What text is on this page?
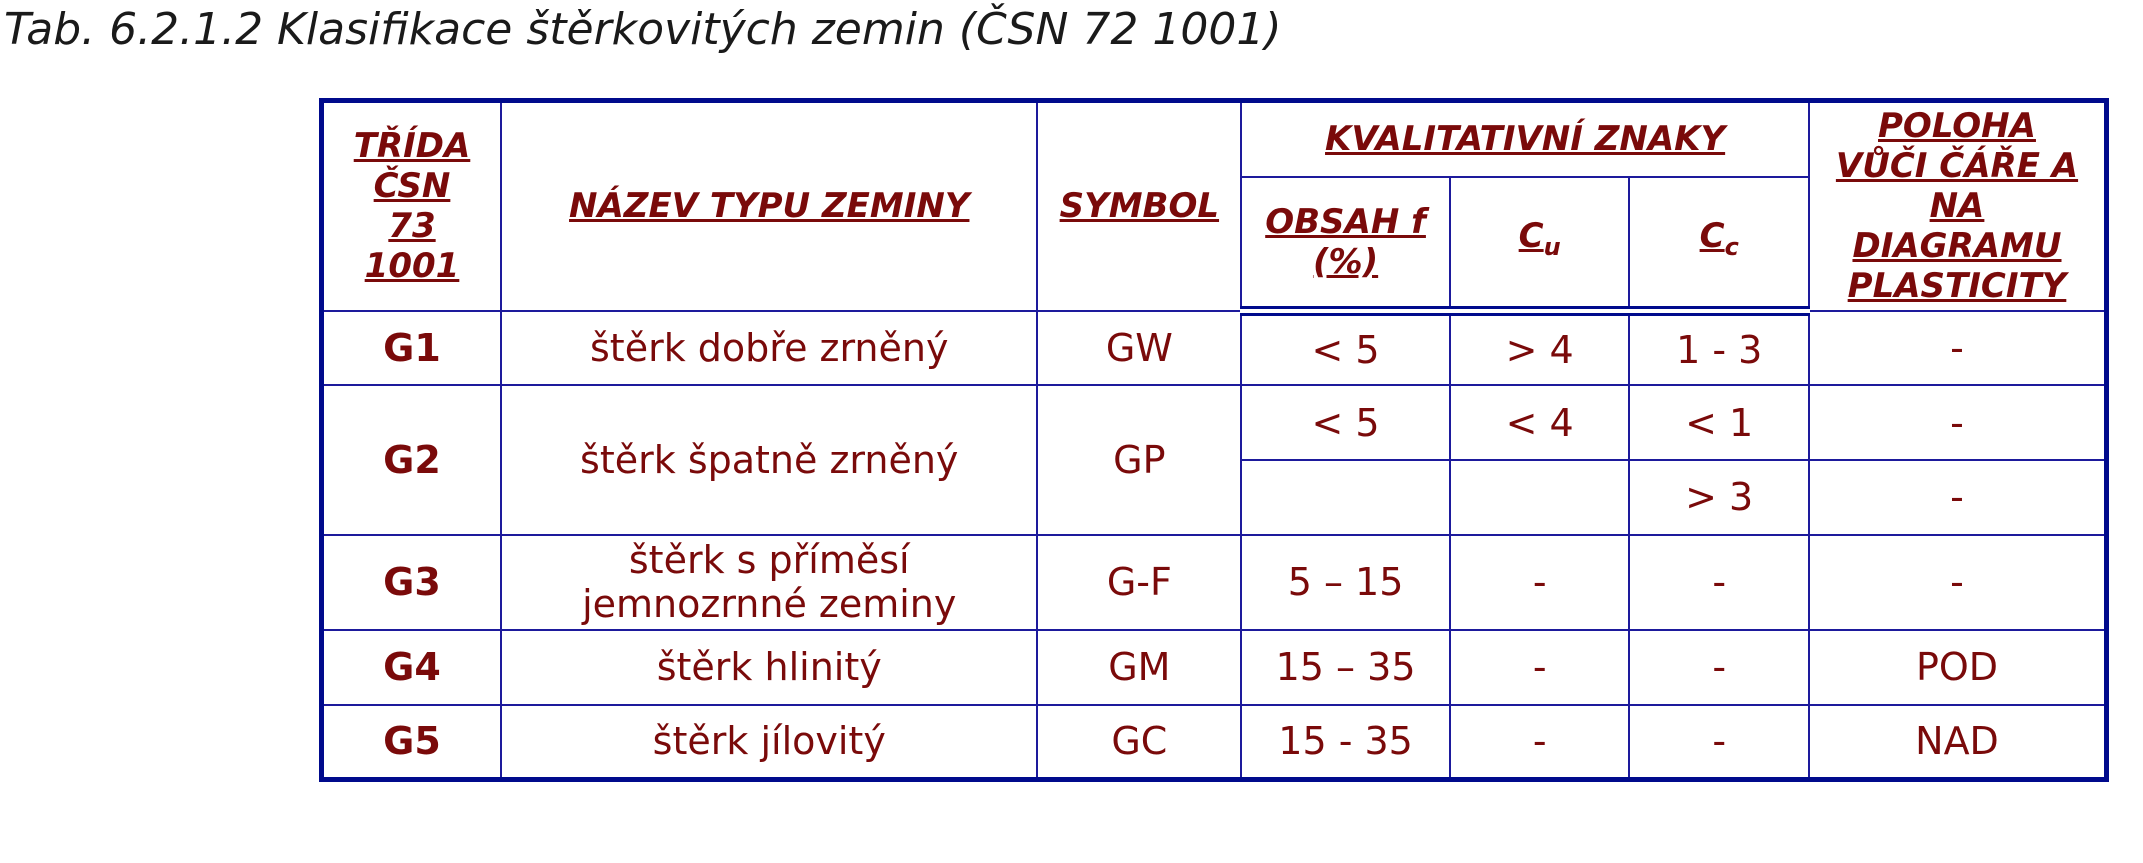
Tab. 6.2.1.2 Klasifikace štěrkovitých zemin (ČSN 72 1001)
TŘÍDA
ČSN
73
1001	NÁZEV TYPU ZEMINY	SYMBOL	KVALITATIVNÍ ZNAKY			POLOHA
VŮČI ČÁŘE A
NA
DIAGRAMU
PLASTICITY
			OBSAH f
(%)	$C_u$	$C_c$
G1	štěrk dobře zrněný	GW	< 5	> 4	1 - 3	-
G2	štěrk špatně zrněný	GP	< 5	< 4	< 1	-
					> 3	-
G3	štěrk s příměsí
jemnozrnné zeminy	G-F	5 – 15	-	-	-
G4	štěrk hlinitý	GM	15 – 35	-	-	POD
G5	štěrk jílovitý	GC	15 - 35	-	-	NAD
